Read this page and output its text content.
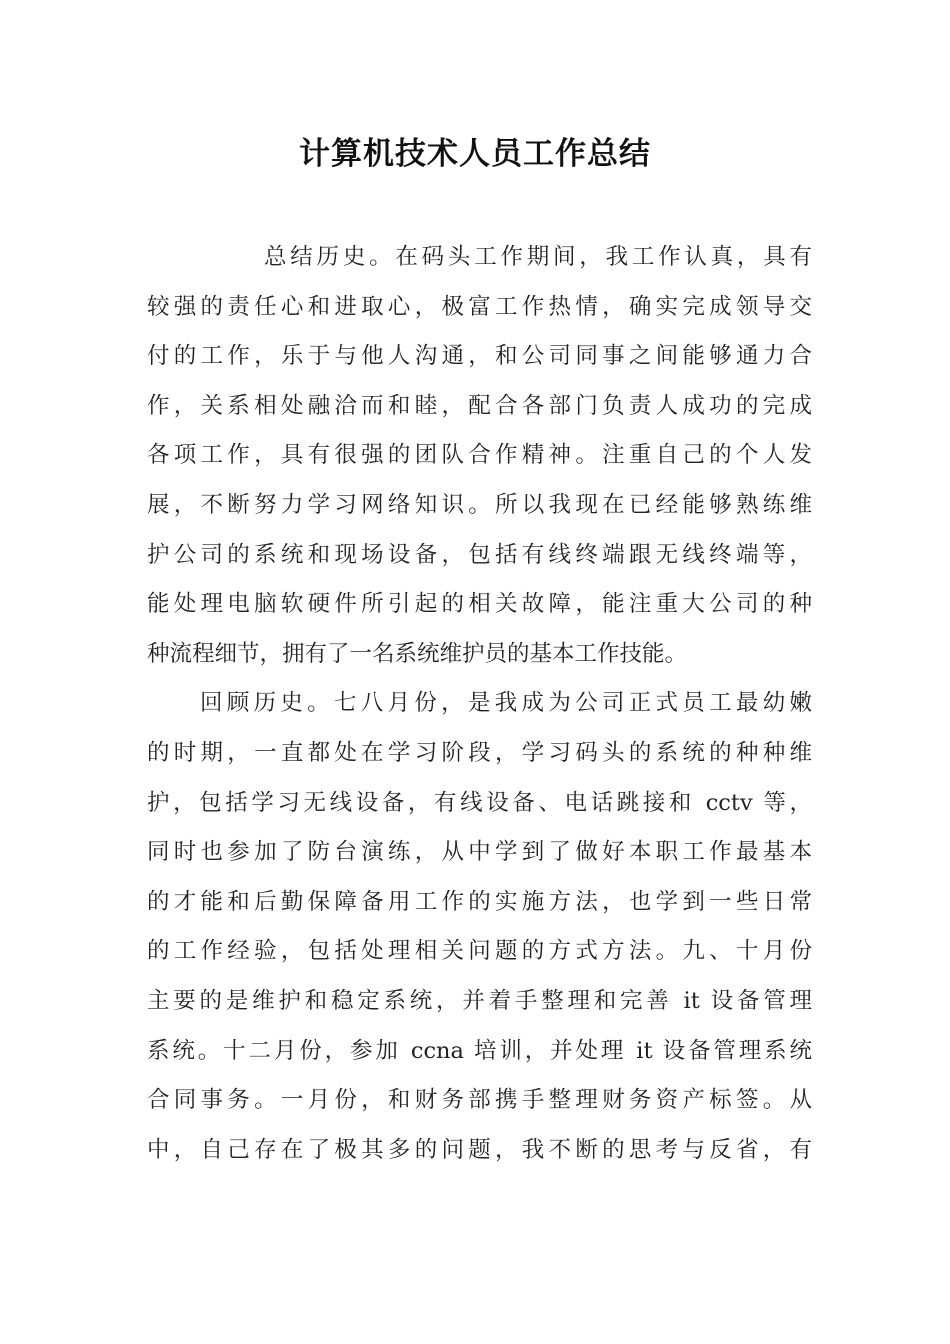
计算机技术人员工作总结
总结历史。在码头工作期间，我工作认真，具有
较强的责任心和进取心，极富工作热情，确实完成领导交
付的工作，乐于与他人沟通，和公司同事之间能够通力合
作，关系相处融洽而和睦，配合各部门负责人成功的完成
各项工作，具有很强的团队合作精神。注重自己的个人发
展，不断努力学习网络知识。所以我现在已经能够熟练维
护公司的系统和现场设备，包括有线终端跟无线终端等，
能处理电脑软硬件所引起的相关故障，能注重大公司的种
种流程细节，拥有了一名系统维护员的基本工作技能。
回顾历史。七八月份，是我成为公司正式员工最幼嫩
的时期，一直都处在学习阶段，学习码头的系统的种种维
护，包括学习无线设备，有线设备、电话跳接和 cctv 等，
同时也参加了防台演练，从中学到了做好本职工作最基本
的才能和后勤保障备用工作的实施方法，也学到一些日常
的工作经验，包括处理相关问题的方式方法。九、十月份
主要的是维护和稳定系统，并着手整理和完善 it 设备管理
系统。十二月份，参加 ccna 培训，并处理 it 设备管理系统
合同事务。一月份，和财务部携手整理财务资产标签。从
中，自己存在了极其多的问题，我不断的思考与反省，有
